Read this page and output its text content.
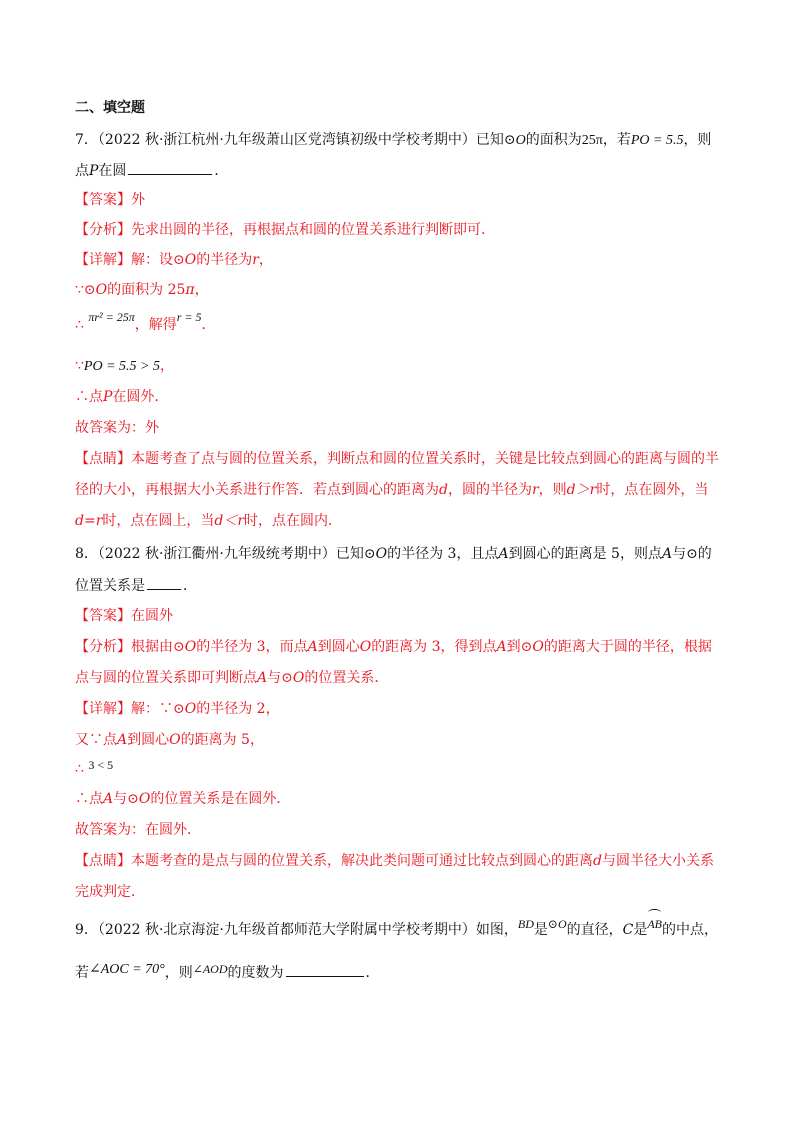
二、填空题
7．（2022 秋·浙江杭州·九年级萧山区党湾镇初级中学校考期中）已知⊙O的面积为25π，若PO = 5.5，则
点P在圆	．
【答案】外
【分析】先求出圆的半径，再根据点和圆的位置关系进行判断即可．
【详解】解：设⊙O的半径为r，
∵⊙O的面积为 25π，
∴ πr² = 25π，解得r = 5．
∵PO = 5.5 > 5，
∴点P在圆外．
故答案为：外
【点睛】本题考查了点与圆的位置关系，判断点和圆的位置关系时，关键是比较点到圆心的距离与圆的半
径的大小，再根据大小关系进行作答．若点到圆心的距离为d，圆的半径为r，则d＞r时，点在圆外，当
d=r时，点在圆上，当d＜r时，点在圆内．
8．（2022 秋·浙江衢州·九年级统考期中）已知⊙O的半径为 3，且点A到圆心的距离是 5，则点A与⊙的
位置关系是	．
【答案】在圆外
【分析】根据由⊙O的半径为 3，而点A到圆心O的距离为 3，得到点A到⊙O的距离大于圆的半径，根据
点与圆的位置关系即可判断点A与⊙O的位置关系．
【详解】解：∵⊙O的半径为 2，
又∵点A到圆心O的距离为 5，
∴ 3 < 5
∴点A与⊙O的位置关系是在圆外．
故答案为：在圆外．
【点睛】本题考查的是点与圆的位置关系，解决此类问题可通过比较点到圆心的距离d与圆半径大小关系
完成判定．
9．（2022 秋·北京海淀·九年级首都师范大学附属中学校考期中）如图，BD是⊙O的直径，C是AB的中点，
若∠AOC = 70°，则∠AOD的度数为	．
